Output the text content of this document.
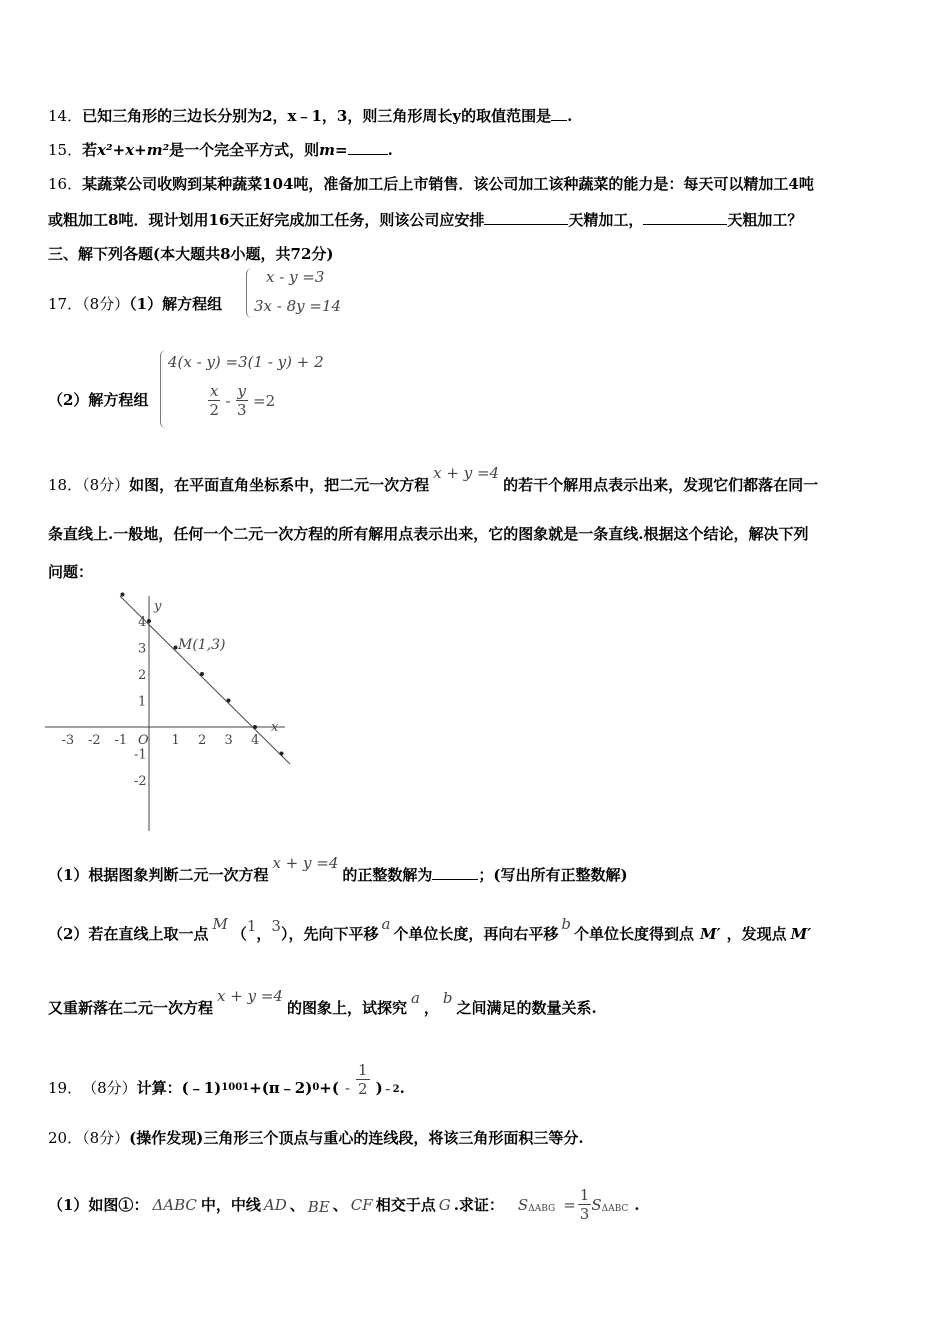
14．已知三角形的三边长分别为2，x﹣1，3，则三角形周长y的取值范围是 .
15．若x²+x+m²是一个完全平方式，则m=	.
16．某蔬菜公司收购到某种蔬菜104吨，准备加工后上市销售．该公司加工该种蔬菜的能力是：每天可以精加工4吨
或粗加工8吨．现计划用16天正好完成加工任务，则该公司应安排	天精加工，	天粗加工？
三、解下列各题(本大题共8小题，共72分)
17．（8分）（1）解方程组
x - y =3
3x - 8y =14
（2）解方程组
4(x - y) =3(1 - y) + 2
$\frac{x}{2} - \frac{y}{3} =2$
18．（8分）如图，在平面直角坐标系中，把二元一次方程x + y =4的若干个解用点表示出来，发现它们都落在同一
条直线上.一般地，任何一个二元一次方程的所有解用点表示出来，它的图象就是一条直线.根据这个结论，解决下列
问题：
x
y
O
M(1,3)
-3 -2 -1	1 2 3 4
4
3
2
1
-1
-2
（1）根据图象判断二元一次方程x + y =4的正整数解为	；(写出所有正整数解)
（2）若在直线上取一点M（1，3），先向下平移a个单位长度，再向右平移b个单位长度得到点 M′ ，发现点 M′
又重新落在二元一次方程x + y =4的图象上，试探究a，b之间满足的数量关系.
19． （8分） 计算：(﹣1) 1001 +(π﹣2) 0 +( - $\frac{1}{2}$ ) ﹣2 .
20．（8分）(操作发现)三角形三个顶点与重心的连线段，将该三角形面积三等分.
（1）如图①： ΔABC 中，中线 AD 、 BE 、 CF 相交于点 G .求证： S $\Delta ABG = \frac{1}{3}$ S ΔABC .
